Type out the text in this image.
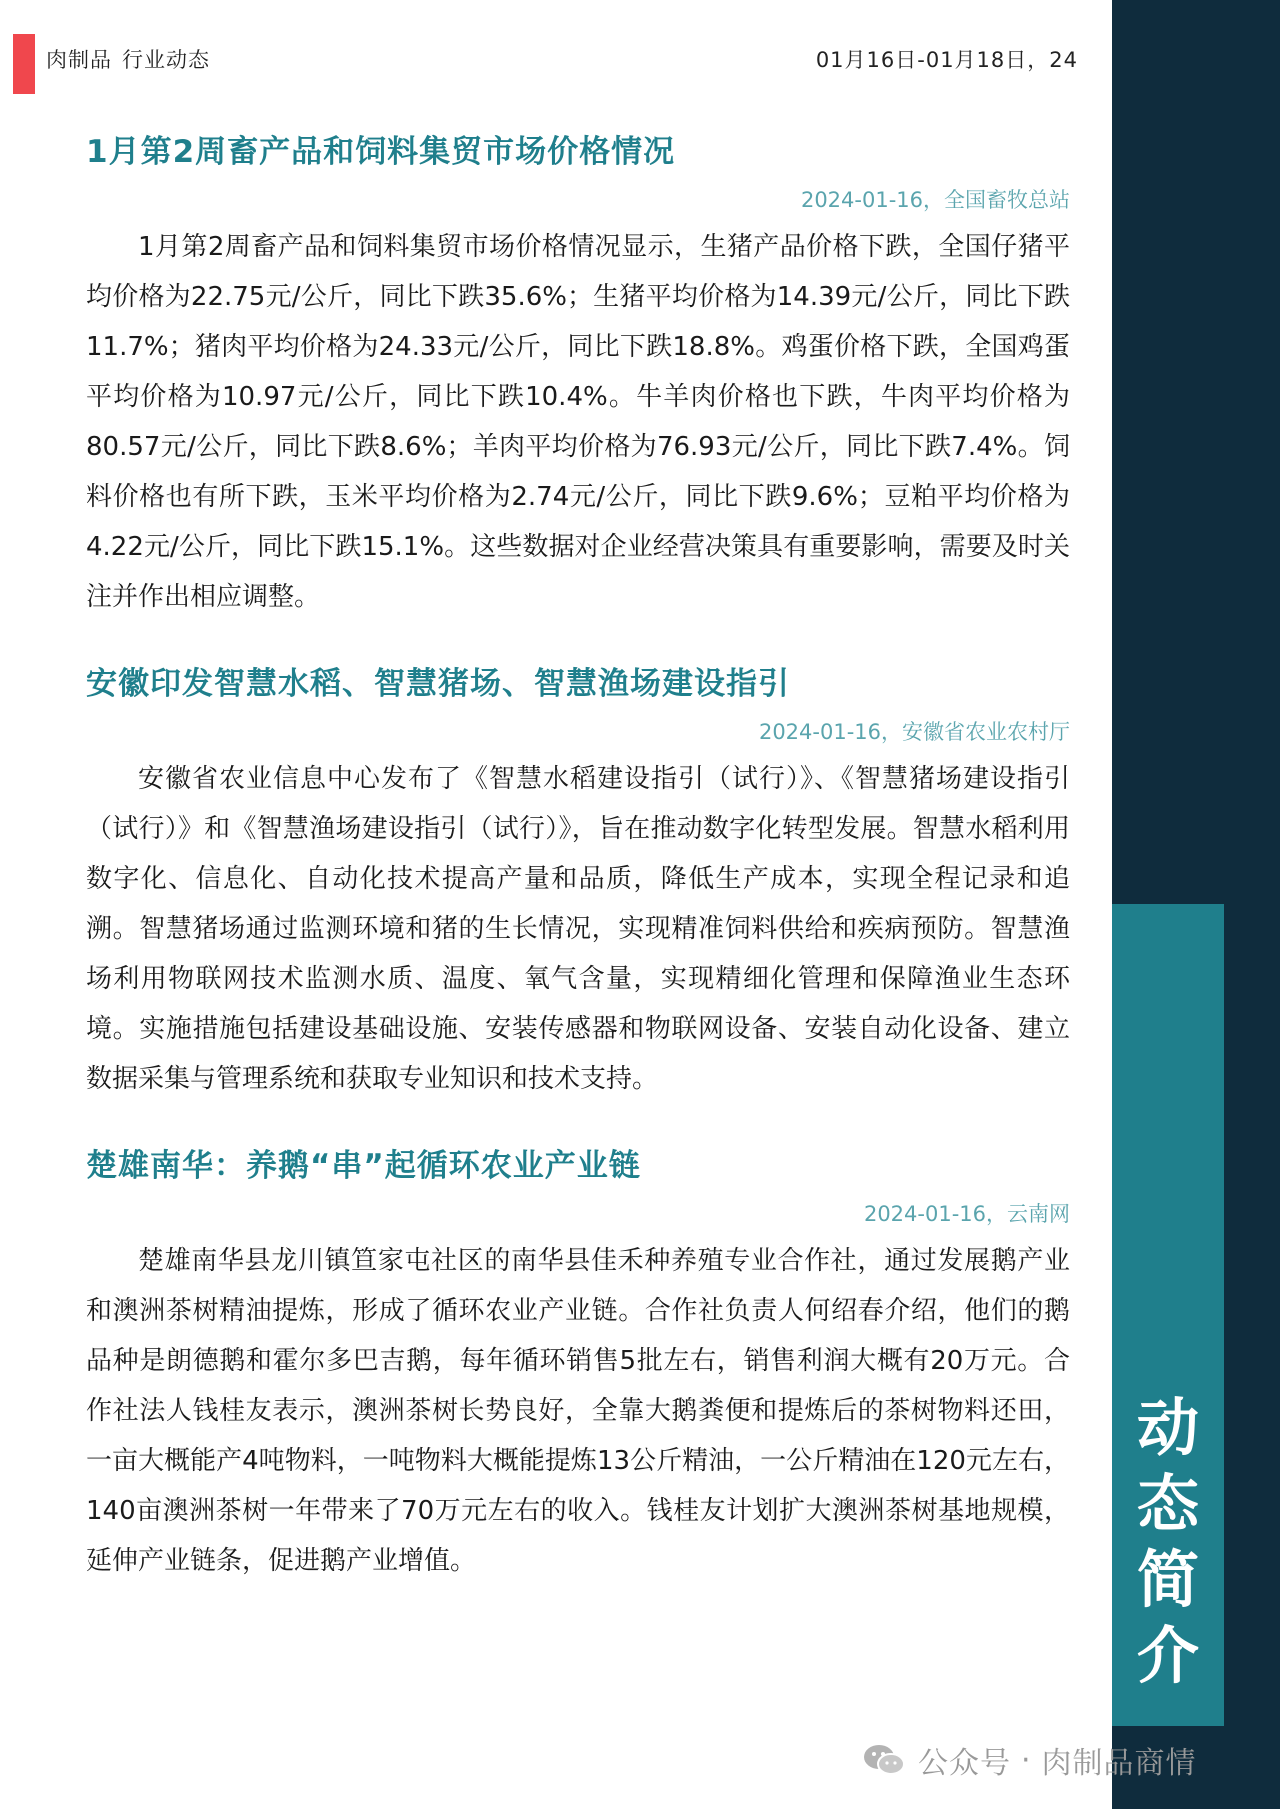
肉制品 行业动态	01月16日-01月18日，24
动
态
简
介
1月第2周畜产品和饲料集贸市场价格情况
2024-01-16，全国畜牧总站

1月第2周畜产品和饲料集贸市场价格情况显示，生猪产品价格下跌，全国仔猪平均价格为22.75元/公斤，同比下跌35.6%；生猪平均价格为14.39元/公斤，同比下跌11.7%；猪肉平均价格为24.33元/公斤，同比下跌18.8%。鸡蛋价格下跌，全国鸡蛋平均价格为10.97元/公斤，同比下跌10.4%。牛羊肉价格也下跌，牛肉平均价格为80.57元/公斤，同比下跌8.6%；羊肉平均价格为76.93元/公斤，同比下跌7.4%。饲料价格也有所下跌，玉米平均价格为2.74元/公斤，同比下跌9.6%；豆粕平均价格为4.22元/公斤，同比下跌15.1%。这些数据对企业经营决策具有重要影响，需要及时关注并作出相应调整。

安徽印发智慧水稻、智慧猪场、智慧渔场建设指引
2024-01-16，安徽省农业农村厅

安徽省农业信息中心发布了《智慧水稻建设指引（试行）》、《智慧猪场建设指引（试行）》和《智慧渔场建设指引（试行）》，旨在推动数字化转型发展。智慧水稻利用数字化、信息化、自动化技术提高产量和品质，降低生产成本，实现全程记录和追溯。智慧猪场通过监测环境和猪的生长情况，实现精准饲料供给和疾病预防。智慧渔场利用物联网技术监测水质、温度、氧气含量，实现精细化管理和保障渔业生态环境。实施措施包括建设基础设施、安装传感器和物联网设备、安装自动化设备、建立数据采集与管理系统和获取专业知识和技术支持。

楚雄南华：养鹅“串”起循环农业产业链
2024-01-16，云南网

楚雄南华县龙川镇笪家屯社区的南华县佳禾种养殖专业合作社，通过发展鹅产业和澳洲茶树精油提炼，形成了循环农业产业链。合作社负责人何绍春介绍，他们的鹅品种是朗德鹅和霍尔多巴吉鹅，每年循环销售5批左右，销售利润大概有20万元。合作社法人钱桂友表示，澳洲茶树长势良好，全靠大鹅粪便和提炼后的茶树物料还田，一亩大概能产4吨物料，一吨物料大概能提炼13公斤精油，一公斤精油在120元左右，140亩澳洲茶树一年带来了70万元左右的收入。钱桂友计划扩大澳洲茶树基地规模，延伸产业链条，促进鹅产业增值。

公众号 · 肉制品商情
